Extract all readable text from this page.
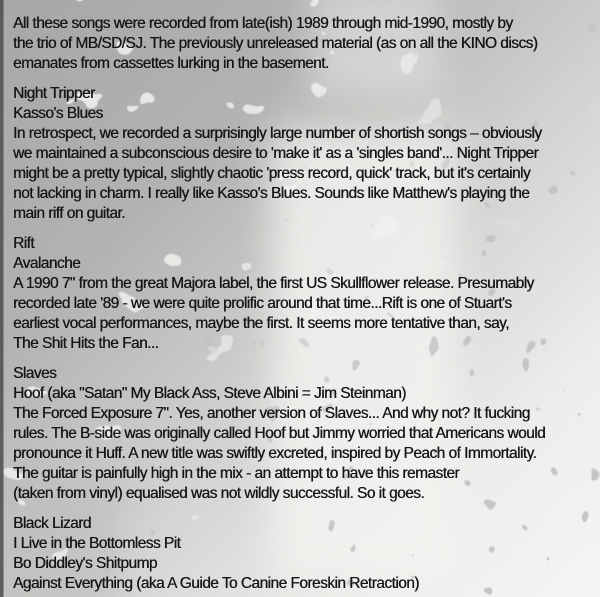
All these songs were recorded from late(ish) 1989 through mid-1990, mostly by
the trio of MB/SD/SJ. The previously unreleased material (as on all the KINO discs)
emanates from cassettes lurking in the basement.
Night Tripper
Kasso's Blues
In retrospect, we recorded a surprisingly large number of shortish songs – obviously
we maintained a subconscious desire to 'make it' as a 'singles band'... Night Tripper
might be a pretty typical, slightly chaotic 'press record, quick' track, but it's certainly
not lacking in charm. I really like Kasso's Blues. Sounds like Matthew's playing the
main riff on guitar.
Rift
Avalanche
A 1990 7" from the great Majora label, the first US Skullflower release. Presumably
recorded late '89 - we were quite prolific around that time...Rift is one of Stuart's
earliest vocal performances, maybe the first. It seems more tentative than, say,
The Shit Hits the Fan...
Slaves
Hoof (aka "Satan" My Black Ass, Steve Albini = Jim Steinman)
The Forced Exposure 7". Yes, another version of Slaves... And why not? It fucking
rules. The B-side was originally called Hoof but Jimmy worried that Americans would
pronounce it Huff. A new title was swiftly excreted, inspired by Peach of Immortality.
The guitar is painfully high in the mix - an attempt to have this remaster
(taken from vinyl) equalised was not wildly successful. So it goes.
Black Lizard
I Live in the Bottomless Pit
Bo Diddley's Shitpump
Against Everything (aka A Guide To Canine Foreskin Retraction)
